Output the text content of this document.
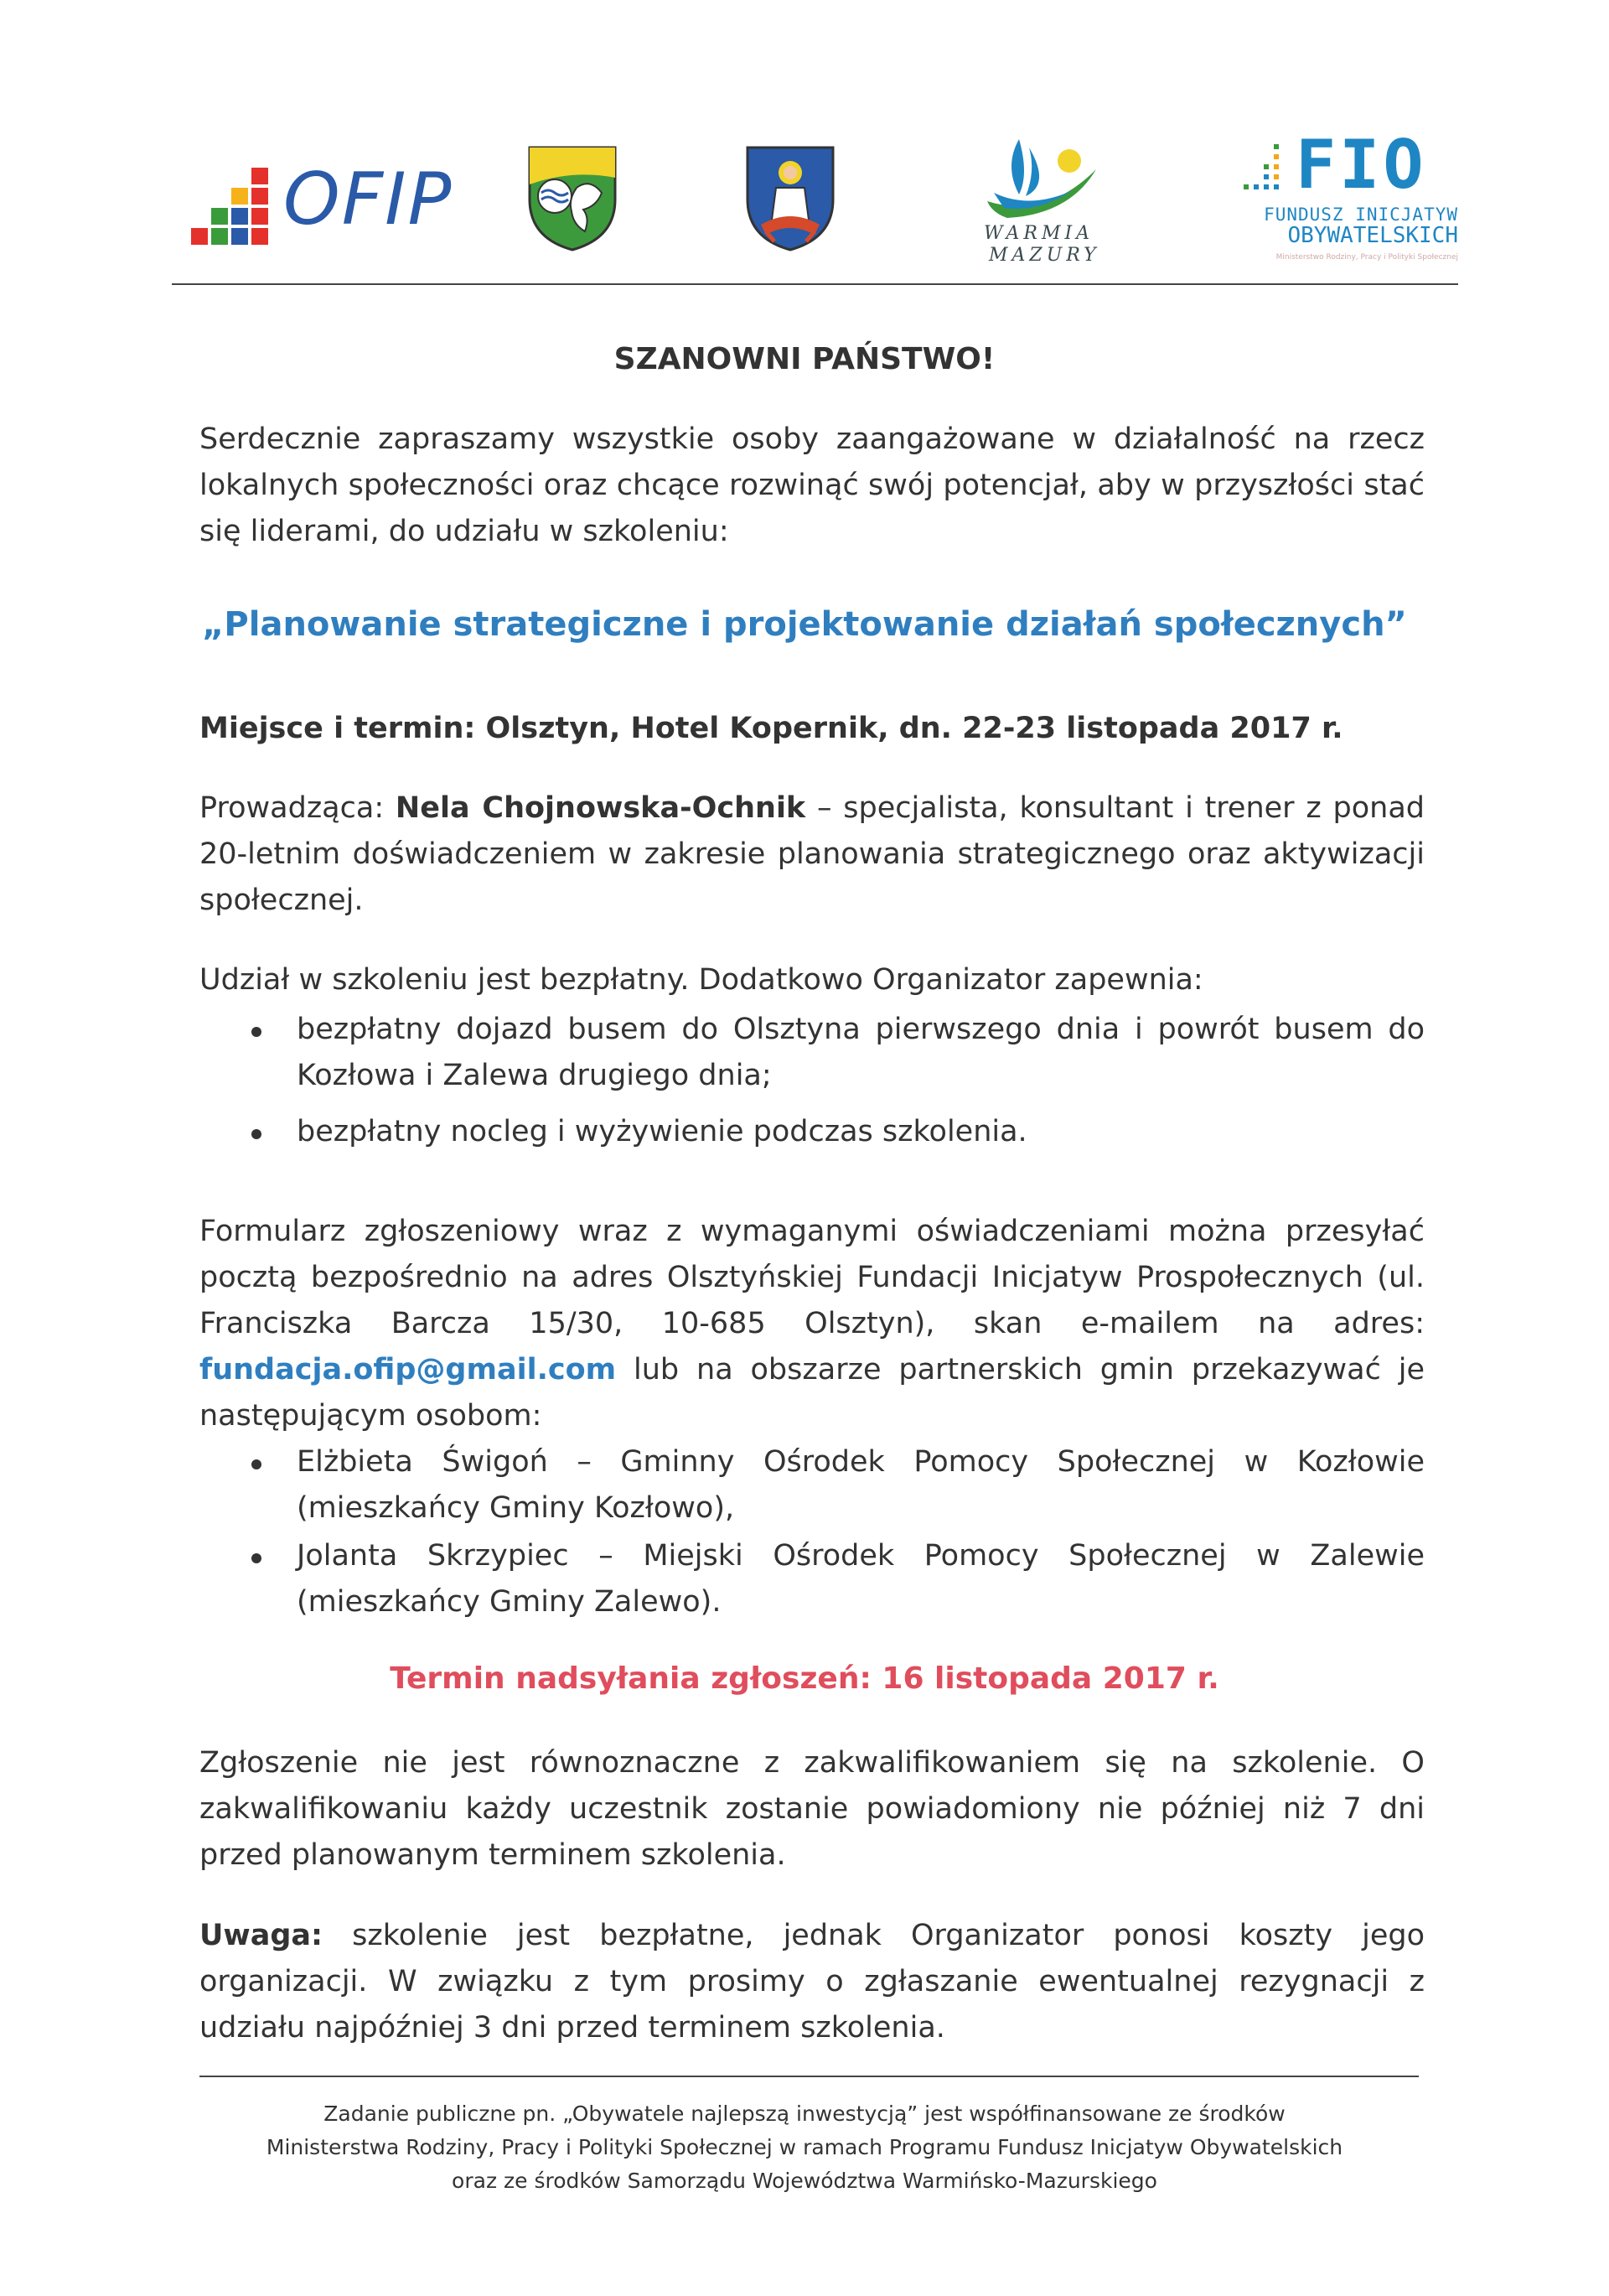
OFIP	WARMIA
MAZURY
FIO
FUNDUSZ INICJATYW
OBYWATELSKICH
Ministerstwo Rodziny, Pracy i Polityki Społecznej
SZANOWNI PAŃSTWO!
Serdecznie zapraszamy wszystkie osoby zaangażowane w działalność na rzecz lokalnych społeczności oraz chcące rozwinąć swój potencjał, aby w przyszłości stać się liderami, do udziału w szkoleniu:
„Planowanie strategiczne i projektowanie działań społecznych”
Miejsce i termin: Olsztyn, Hotel Kopernik, dn. 22-23 listopada 2017 r.
Prowadząca: Nela Chojnowska-Ochnik – specjalista, konsultant i trener z ponad 20-letnim doświadczeniem w zakresie planowania strategicznego oraz aktywizacji społecznej.
Udział w szkoleniu jest bezpłatny. Dodatkowo Organizator zapewnia:
bezpłatny dojazd busem do Olsztyna pierwszego dnia i powrót busem do Kozłowa i Zalewa drugiego dnia;
bezpłatny nocleg i wyżywienie podczas szkolenia.
Formularz zgłoszeniowy wraz z wymaganymi oświadczeniami można przesyłać pocztą bezpośrednio na adres Olsztyńskiej Fundacji Inicjatyw Prospołecznych (ul. Franciszka Barcza 15/30, 10-685 Olsztyn), skan e-mailem na adres: fundacja.ofip@gmail.com lub na obszarze partnerskich gmin przekazywać je następującym osobom:
Elżbieta Świgoń – Gminny Ośrodek Pomocy Społecznej w Kozłowie (mieszkańcy Gminy Kozłowo),
Jolanta Skrzypiec – Miejski Ośrodek Pomocy Społecznej w Zalewie (mieszkańcy Gminy Zalewo).
Termin nadsyłania zgłoszeń: 16 listopada 2017 r.
Zgłoszenie nie jest równoznaczne z zakwalifikowaniem się na szkolenie. O zakwalifikowaniu każdy uczestnik zostanie powiadomiony nie później niż 7 dni przed planowanym terminem szkolenia.
Uwaga: szkolenie jest bezpłatne, jednak Organizator ponosi koszty jego organizacji. W związku z tym prosimy o zgłaszanie ewentualnej rezygnacji z udziału najpóźniej 3 dni przed terminem szkolenia.
Zadanie publiczne pn. „Obywatele najlepszą inwestycją” jest współfinansowane ze środków
Ministerstwa Rodziny, Pracy i Polityki Społecznej w ramach Programu Fundusz Inicjatyw Obywatelskich
oraz ze środków Samorządu Województwa Warmińsko-Mazurskiego
